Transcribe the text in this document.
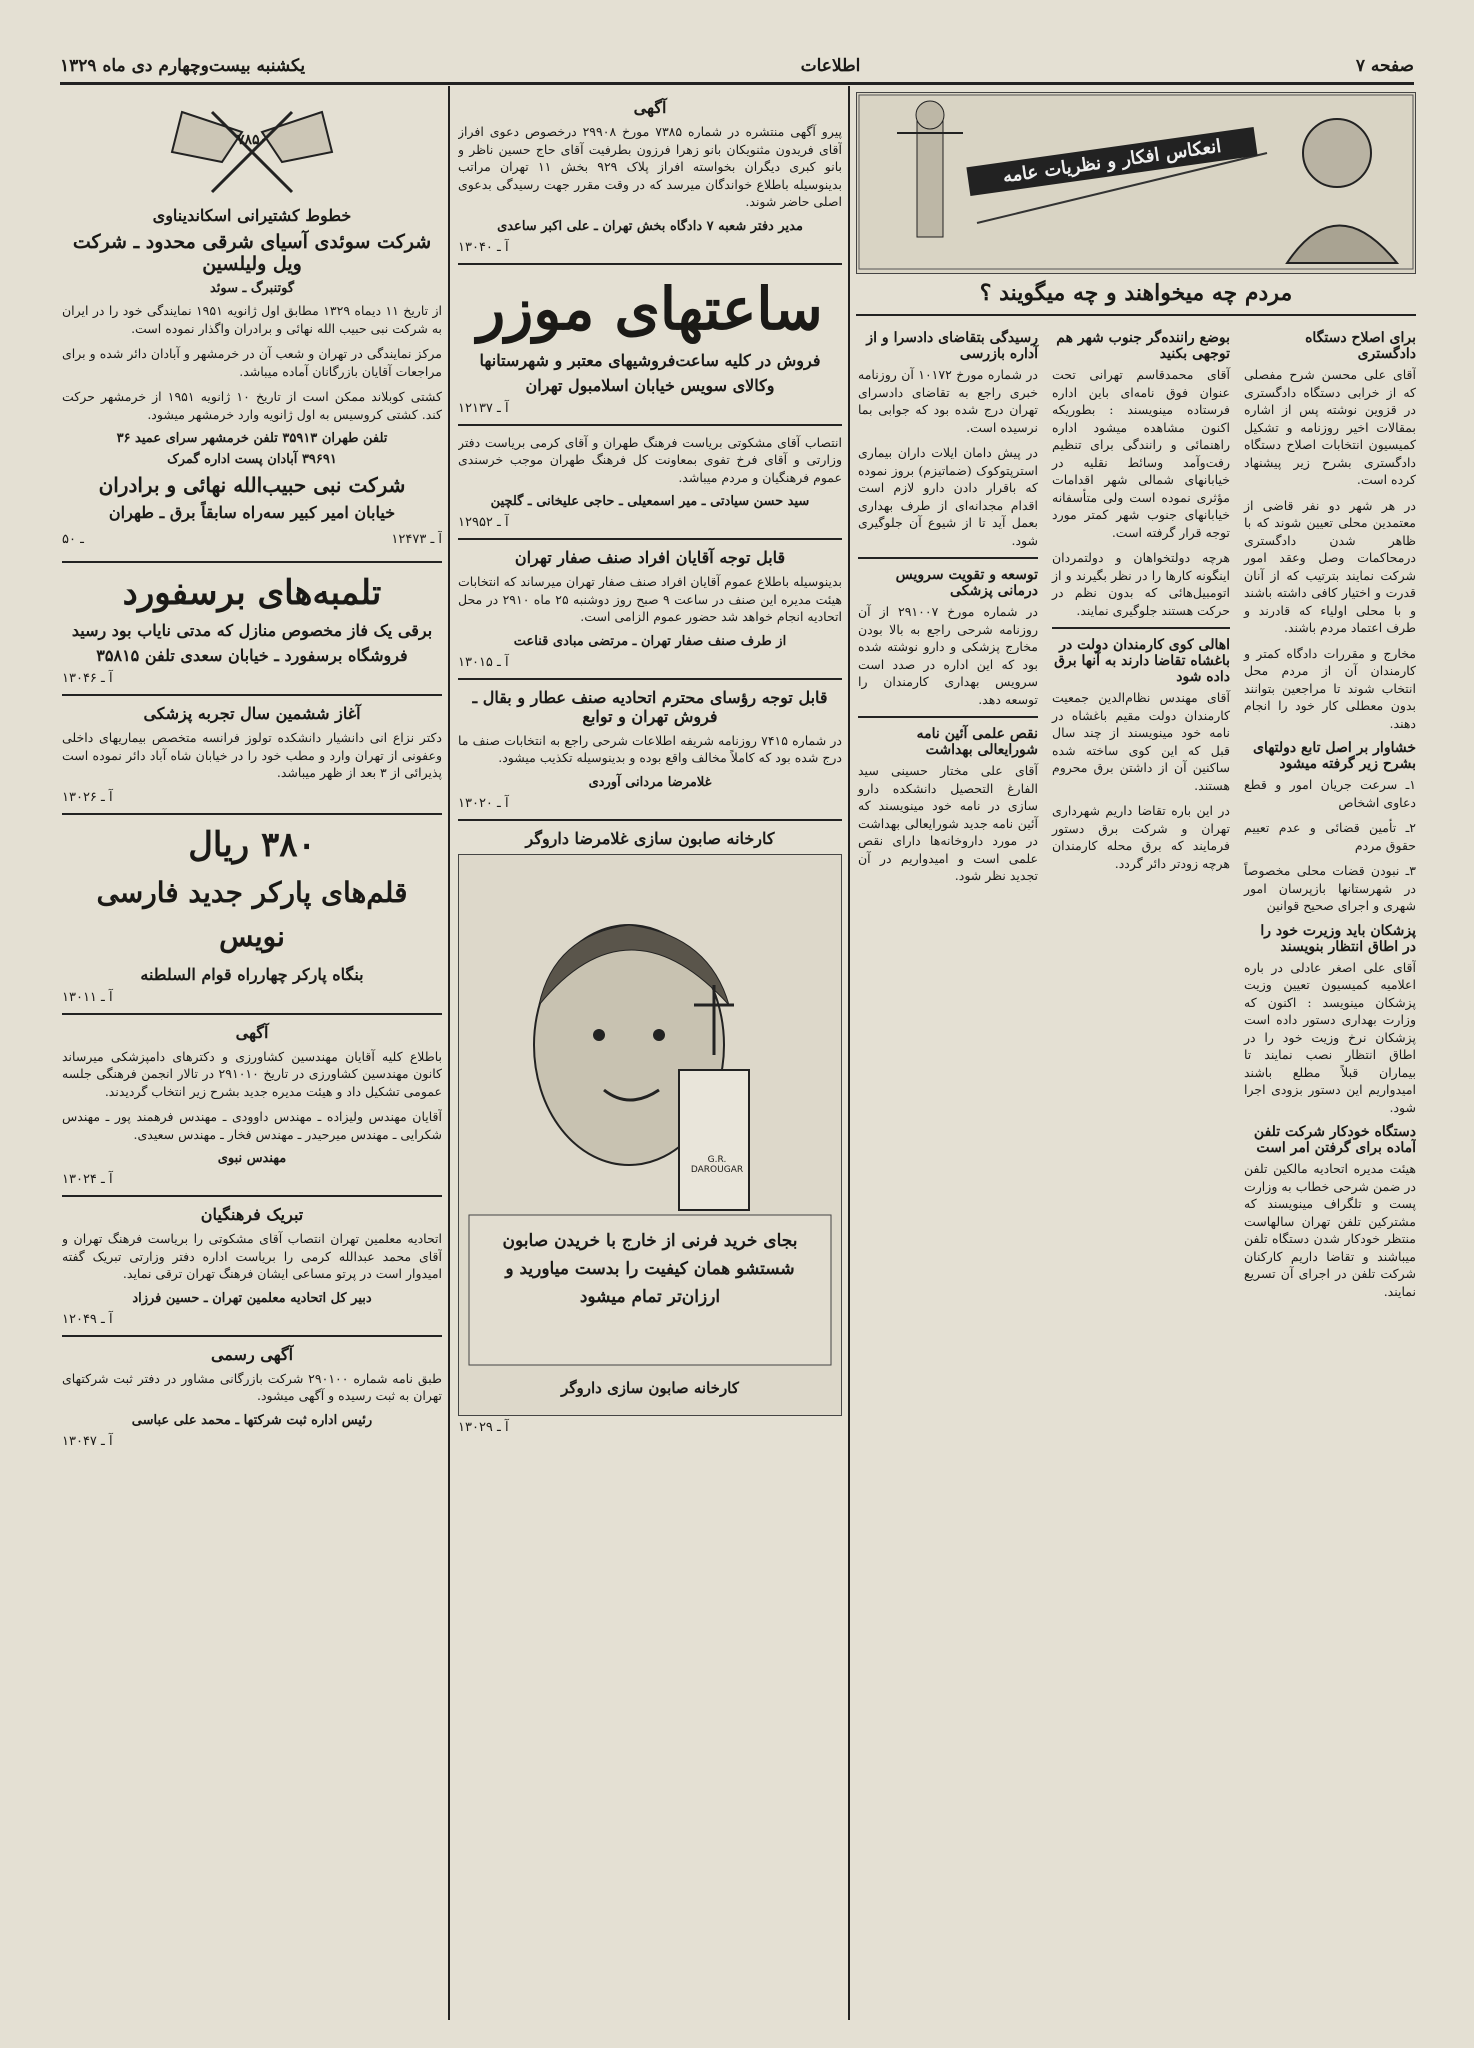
صفحه ۷
اطلاعات
یکشنبه بیست‌وچهارم دی ماه ۱۳۲۹
انعکاس افکار و نظریات عامه
مردم چه میخواهند و چه میگویند ؟
برای اصلاح دستگاه دادگستری

آقای علی محسن شرح مفصلی که از خرابی دستگاه دادگستری در قزوین نوشته پس از اشاره بمقالات اخیر روزنامه و تشکیل کمیسیون انتخابات اصلاح دستگاه دادگستری بشرح زیر پیشنهاد کرده است.

در هر شهر دو نفر قاضی از معتمدین محلی تعیین شوند که با ظاهر شدن دادگستری درمحاکمات وصل وعقد امور شرکت نمایند بترتیب که از آنان قدرت و اختیار کافی داشته باشند و با محلی اولیاء که قادرند و طرف اعتماد مردم باشند.

مخارج و مقررات دادگاه کمتر و کارمندان آن از مردم محل انتخاب شوند تا مراجعین بتوانند بدون معطلی کار خود را انجام دهند.

خشاوار بر اصل تابع دولتهای بشرح زیر گرفته میشود

۱ـ سرعت جریان امور و قطع دعاوی اشخاص

۲ـ تأمین قضائی و عدم تعییم حقوق مردم

۳ـ نبودن قضات محلی مخصوصاً در شهرستانها بازپرسان امور شهری و اجرای صحیح قوانین

پزشکان باید وزیرت خود را در اطاق انتظار بنویسند

آقای علی اصغر عادلی در باره اعلامیه کمیسیون تعیین وزیت پزشکان مینویسد : اکنون که وزارت بهداری دستور داده است پزشکان نرخ وزیت خود را در اطاق انتظار نصب نمایند تا بیماران قبلاً مطلع باشند امیدواریم این دستور بزودی اجرا شود.

دستگاه خودکار شرکت تلفن آماده برای گرفتن امر است

هیئت مدیره اتحادیه مالکین تلفن در ضمن شرحی خطاب به وزارت پست و تلگراف مینویسند که مشترکین تلفن تهران سالهاست منتظر خودکار شدن دستگاه تلفن میباشند و تقاضا داریم کارکنان شرکت تلفن در اجرای آن تسریع نمایند.

بوضع راننده‌گر جنوب شهر هم توجهی بکنید

آقای محمدقاسم تهرانی تحت عنوان فوق نامه‌ای باین اداره فرستاده مینویسند : بطوریکه اکنون مشاهده میشود اداره راهنمائی و رانندگی برای تنظیم رفت‌وآمد وسائط نقلیه در خیابانهای شمالی شهر اقدامات مؤثری نموده است ولی متأسفانه خیابانهای جنوب شهر کمتر مورد توجه قرار گرفته است.

هرچه دولتخواهان و دولتمردان اینگونه کارها را در نظر بگیرند و از اتومبیل‌هائی که بدون نظم در حرکت هستند جلوگیری نمایند.

اهالی کوی کارمندان دولت در باغشاه تقاضا دارند به آنها برق داده شود

آقای مهندس نظام‌الدین جمعیت کارمندان دولت مقیم باغشاه در نامه خود مینویسند از چند سال قبل که این کوی ساخته شده ساکنین آن از داشتن برق محروم هستند.

در این باره تقاضا داریم شهرداری تهران و شرکت برق دستور فرمایند که برق محله کارمندان هرچه زودتر دائر گردد.

رسیدگی بتقاضای دادسرا و از آداره بازرسی

در شماره مورخ ۱۰۱۷۲ آن روزنامه خبری راجع به تقاضای دادسرای تهران درج شده بود که جوابی بما نرسیده است.

در پیش دامان ایلات داران بیماری استرپتوکوک (ضماتیزم) بروز نموده که باقرار دادن دارو لازم است اقدام مجدانه‌ای از طرف بهداری بعمل آید تا از شیوع آن جلوگیری شود.

توسعه و تقویت سرویس درمانی پزشکی

در شماره مورخ ۲۹۱۰۰۷ از آن روزنامه شرحی راجع به بالا بودن مخارج پزشکی و دارو نوشته شده بود که این اداره در صدد است سرویس بهداری کارمندان را توسعه دهد.

نقص علمی آئین نامه شورایعالی بهداشت

آقای علی مختار حسینی سید الفارغ التحصیل دانشکده دارو سازی در نامه خود مینویسند که آئین نامه جدید شورایعالی بهداشت در مورد داروخانه‌ها دارای نقص علمی است و امیدواریم در آن تجدید نظر شود.

آگهی

پیرو آگهی منتشره در شماره ۷۳۸۵ مورخ ۲۹۹۰۸ درخصوص دعوی افراز آقای فریدون مثنویکان بانو زهرا فرزون بطرفیت آقای حاج حسین ناظر و بانو کبری دیگران بخواسته افراز پلاک ۹۲۹ بخش ۱۱ تهران مراتب بدینوسیله باطلاع خواندگان میرسد که در وقت مقرر جهت رسیدگی بدعوی اصلی حاضر شوند.

مدیر دفتر شعبه ۷ دادگاه بخش تهران ـ علی اکبر ساعدی
آ ـ ۱۳۰۴۰
ساعتهای موزر
فروش در کلیه ساعت‌فروشیهای معتبر و شهرستانها
وکالای سویس خیابان اسلامبول تهران
آ ـ ۱۲۱۳۷

انتصاب آقای مشکوتی بریاست فرهنگ طهران و آقای کرمی بریاست دفتر وزارتی و آقای فرخ تفوی بمعاونت کل فرهنگ طهران موجب خرسندی عموم فرهنگیان و مردم میباشد.

سید حسن سیادتی ـ میر اسمعیلی ـ حاجی علیخانی ـ گلچین
آ ـ ۱۲۹۵۲
قابل توجه آقایان افراد صنف صفار تهران

بدینوسیله باطلاع عموم آقایان افراد صنف صفار تهران میرساند که انتخابات هیئت مدیره این صنف در ساعت ۹ صبح روز دوشنبه ۲۵ ماه ۲۹۱۰ در محل اتحادیه انجام خواهد شد حضور عموم الزامی است.

از طرف صنف صفار تهران ـ مرتضی مبادی قناعت
آ ـ ۱۳۰۱۵
قابل توجه رؤسای محترم اتحادیه صنف عطار و بقال ـ فروش تهران و توابع

در شماره ۷۴۱۵ روزنامه شریفه اطلاعات شرحی راجع به انتخابات صنف ما درج شده بود که کاملاً مخالف واقع بوده و بدینوسیله تکذیب میشود.

غلامرضا مردانی آوردی
آ ـ ۱۳۰۲۰
کارخانه صابون سازی غلامرضا داروگر
G.R. DAROUGAR
بجای خرید فرنی از خارج با خریدن صابون شستشو همان کیفیت را بدست میاورید و ارزان‌تر تمام میشود
کارخانه صابون سازی داروگر
آ ـ ۱۳۰۲۹
۷۸۵۰
خطوط کشتیرانی اسکاندیناوی
شرکت سوئدی آسیای شرقی محدود ـ شرکت ویل ولیلسین
گوتنبرگ ـ سوئد

از تاریخ ۱۱ دیماه ۱۳۲۹ مطابق اول ژانویه ۱۹۵۱ نمایندگی خود را در ایران به شرکت نبی حبیب الله نهائی و برادران واگذار نموده است.

مرکز نمایندگی در تهران و شعب آن در خرمشهر و آبادان دائر شده و برای مراجعات آقایان بازرگانان آماده میباشد.

کشتی کوبلاند ممکن است از تاریخ ۱۰ ژانویه ۱۹۵۱ از خرمشهر حرکت کند. کشتی کروسیس به اول ژانویه وارد خرمشهر میشود.

تلفن طهران ۳۵۹۱۳ تلفن خرمشهر سرای عمید ۳۶
۳۹۶۹۱ آبادان پست اداره گمرک
شرکت نبی حبیب‌الله نهائی و برادران
خیابان امیر کبیر سه‌راه سابقاً برق ـ طهران
آ ـ ۱۲۴۷۳
۵ـ ۰
تلمبه‌های برسفورد
برقی یک فاز مخصوص منازل که مدتی نایاب بود رسید
فروشگاه برسفورد ـ خیابان سعدی تلفن ۳۵۸۱۵
آ ـ ۱۳۰۴۶
آغاز ششمین سال تجربه پزشکی

دکتر نزاع انی دانشیار دانشکده تولوز فرانسه متخصص بیماریهای داخلی وعفونی از تهران وارد و مطب خود را در خیابان شاه آباد دائر نموده است پذیرائی از ۳ بعد از ظهر میباشد.

آ ـ ۱۳۰۲۶
۳۸۰ ریال
قلم‌های پارکر جدید فارسی نویس
بنگاه پارکر چهارراه قوام السلطنه
آ ـ ۱۳۰۱۱
آگهی

باطلاع کلیه آقایان مهندسین کشاورزی و دکترهای دامپزشکی میرساند کانون مهندسین کشاورزی در تاریخ ۲۹۱۰۱۰ در تالار انجمن فرهنگی جلسه عمومی تشکیل داد و هیئت مدیره جدید بشرح زیر انتخاب گردیدند.

آقایان مهندس ولیزاده ـ مهندس داوودی ـ مهندس فرهمند پور ـ مهندس شکرایی ـ مهندس میرحیدر ـ مهندس فخار ـ مهندس سعیدی.

مهندس نبوی
آ ـ ۱۳۰۲۴
تبریک فرهنگیان

اتحادیه معلمین تهران انتصاب آقای مشکوتی را بریاست فرهنگ تهران و آقای محمد عبدالله کرمی را بریاست اداره دفتر وزارتی تبریک گفته امیدوار است در پرتو مساعی ایشان فرهنگ تهران ترقی نماید.

دبیر کل اتحادیه معلمین تهران ـ حسین فرزاد
آ ـ ۱۲۰۴۹
آگهی رسمی

طبق نامه شماره ۲۹۰۱۰۰ شرکت بازرگانی مشاور در دفتر ثبت شرکتهای تهران به ثبت رسیده و آگهی میشود.

رئیس اداره ثبت شرکتها ـ محمد علی عباسی
آ ـ ۱۳۰۴۷
